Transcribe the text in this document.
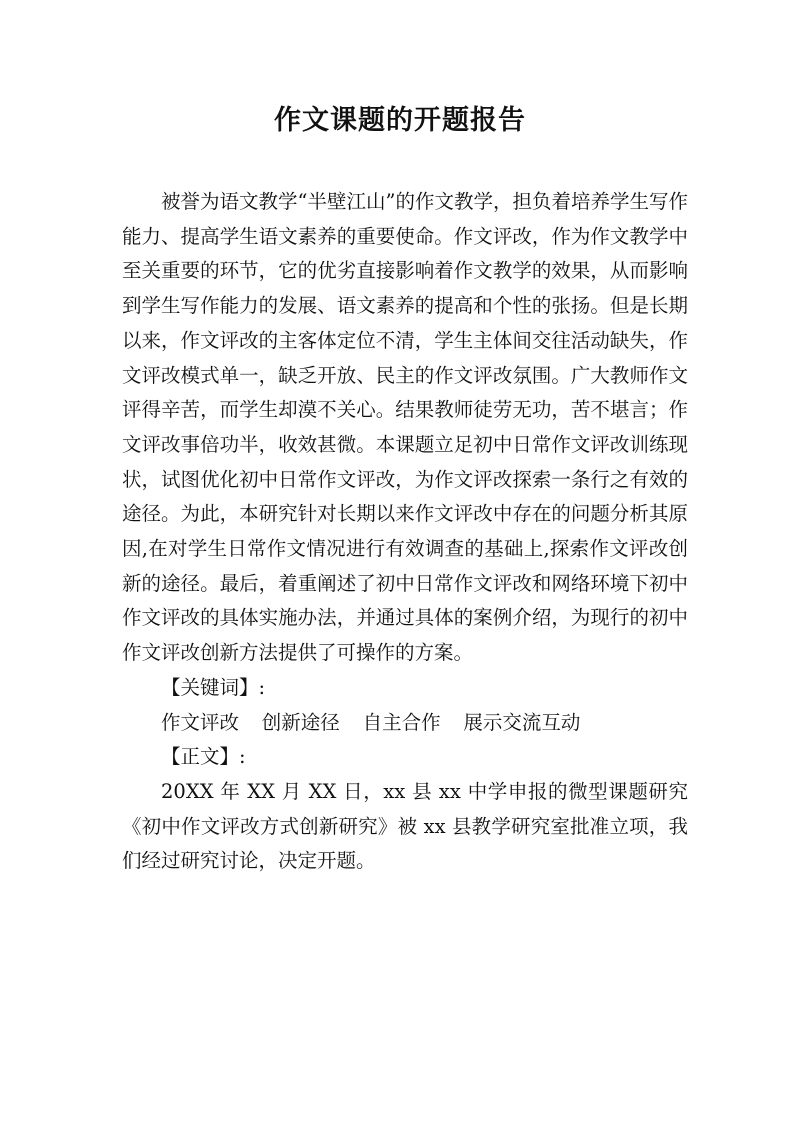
作文课题的开题报告

被誉为语文教学“半壁江山”的作文教学，担负着培养学生写作能力、提高学生语文素养的重要使命。作文评改，作为作文教学中至关重要的环节，它的优劣直接影响着作文教学的效果，从而影响到学生写作能力的发展、语文素养的提高和个性的张扬。但是长期以来，作文评改的主客体定位不清，学生主体间交往活动缺失，作文评改模式单一，缺乏开放、民主的作文评改氛围。广大教师作文评得辛苦，而学生却漠不关心。结果教师徒劳无功，苦不堪言；作文评改事倍功半，收效甚微。本课题立足初中日常作文评改训练现状，试图优化初中日常作文评改，为作文评改探索一条行之有效的途径。为此，本研究针对长期以来作文评改中存在的问题分析其原因,在对学生日常作文情况进行有效调查的基础上,探索作文评改创新的途径。最后，着重阐述了初中日常作文评改和网络环境下初中作文评改的具体实施办法，并通过具体的案例介绍，为现行的初中作文评改创新方法提供了可操作的方案。

【关键词】:

作文评改 创新途径 自主合作 展示交流互动

【正文】:

20XX 年 XX 月 XX 日，xx 县 xx 中学申报的微型课题研究《初中作文评改方式创新研究》被 xx 县教学研究室批准立项，我们经过研究讨论，决定开题。
